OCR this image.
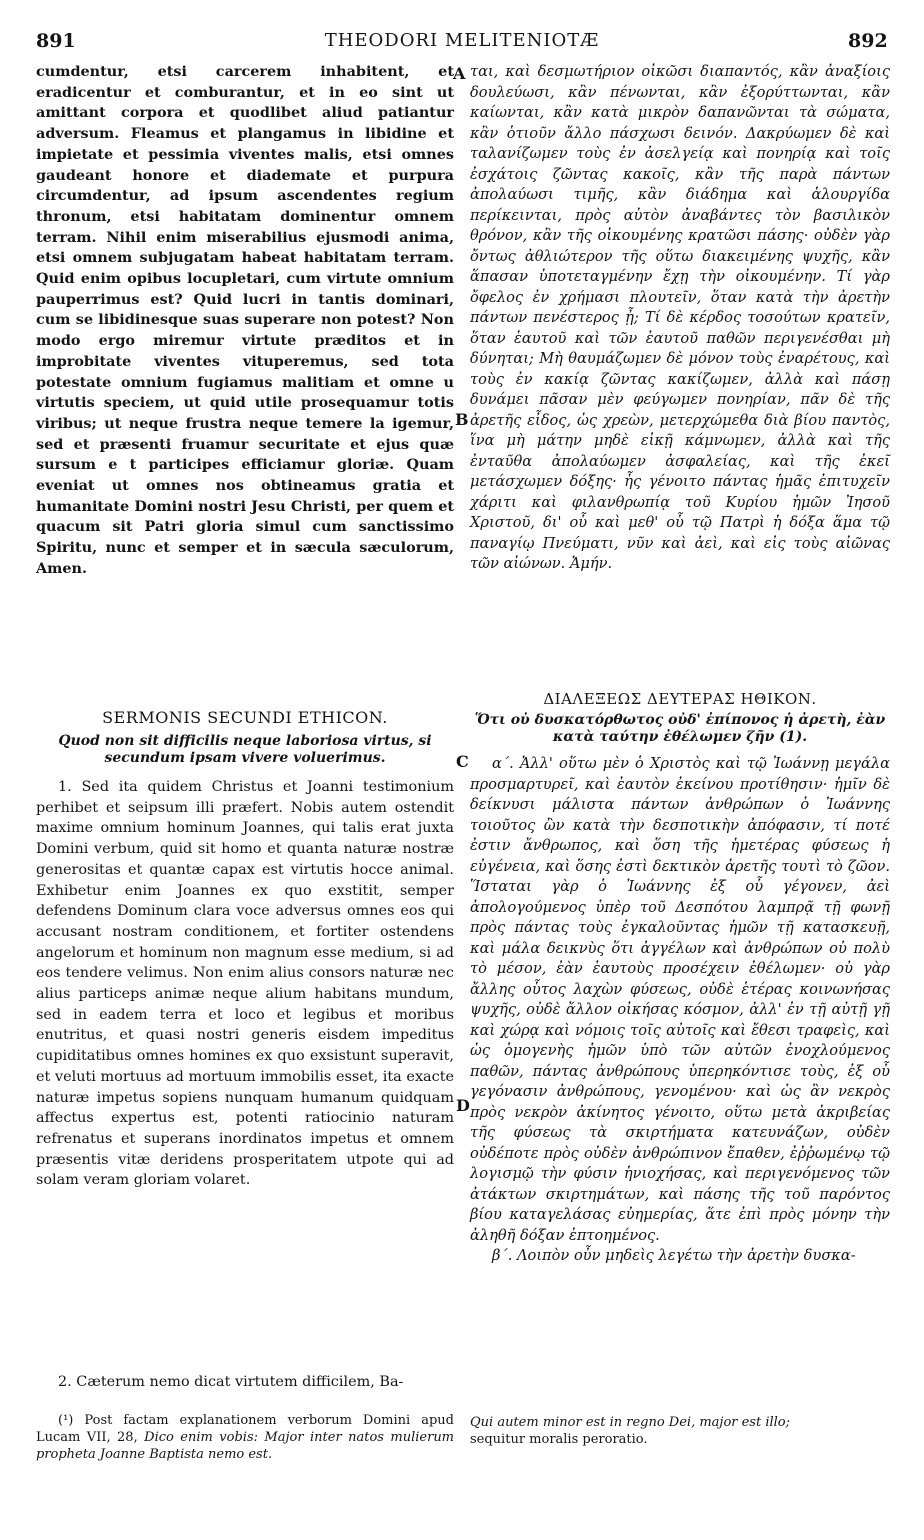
891	THEODORI MELITENIOTÆ	892
A
B
C
D

cumdentur, etsi carcerem inhabitent, et eradicentur et comburantur, et in eo sint ut amittant corpora et quodlibet aliud patiantur adversum. Fleamus et plangamus in libidine et impietate et pessimia viventes malis, etsi omnes gaudeant honore et diademate et purpura circumdentur, ad ipsum ascendentes regium thronum, etsi habitatam dominentur omnem terram. Nihil enim miserabilius ejusmodi anima, etsi omnem subjugatam habeat habitatam terram. Quid enim opibus locupletari, cum virtute omnium pauperrimus est? Quid lucri in tantis dominari, cum se libidinesque suas superare non potest? Non modo ergo miremur virtute præditos et in improbitate viventes vituperemus, sed tota potestate omnium fugiamus malitiam et omne u virtutis speciem, ut quid utile prosequamur totis viribus; ut neque frustra neque temere la igemur, sed et præsenti fruamur securitate et ejus quæ sursum e t participes efficiamur gloriæ. Quam eveniat ut omnes nos obtineamus gratia et humanitate Domini nostri Jesu Christi, per quem et quacum sit Patri gloria simul cum sanctissimo Spiritu, nunc et semper et in sæcula sæculorum, Amen.

ται, καὶ δεσμωτήριον οἰκῶσι διαπαντός, κἂν ἀναξίοις δουλεύωσι, κἂν πένωνται, κἂν ἐξορύττωνται, κἂν καίωνται, κἂν κατὰ μικρὸν δαπανῶνται τὰ σώματα, κἂν ὁτιοῦν ἄλλο πάσχωσι δεινόν. Δακρύωμεν δὲ καὶ ταλανίζωμεν τοὺς ἐν ἀσελγείᾳ καὶ πονηρίᾳ καὶ τοῖς ἐσχάτοις ζῶντας κακοῖς, κἂν τῆς παρὰ πάντων ἀπολαύωσι τιμῆς, κἂν διάδημα καὶ ἁλουργίδα περίκεινται, πρὸς αὐτὸν ἀναβάντες τὸν βασιλικὸν θρόνον, κἂν τῆς οἰκουμένης κρατῶσι πάσης· οὐδὲν γὰρ ὄντως ἀθλιώτερον τῆς οὕτω διακειμένης ψυχῆς, κἂν ἅπασαν ὑποτεταγμένην ἔχῃ τὴν οἰκουμένην. Τί γὰρ ὄφελος ἐν χρήμασι πλουτεῖν, ὅταν κατὰ τὴν ἀρετὴν πάντων πενέστερος ᾖ; Τί δὲ κέρδος τοσούτων κρατεῖν, ὅταν ἑαυτοῦ καὶ τῶν ἑαυτοῦ παθῶν περιγενέσθαι μὴ δύνηται; Μὴ θαυμάζωμεν δὲ μόνον τοὺς ἐναρέτους, καὶ τοὺς ἐν κακίᾳ ζῶντας κακίζωμεν, ἀλλὰ καὶ πάσῃ δυνάμει πᾶσαν μὲν φεύγωμεν πονηρίαν, πᾶν δὲ τῆς ἀρετῆς εἶδος, ὡς χρεὼν, μετερχώμεθα διὰ βίου παντὸς, ἵνα μὴ μάτην μηδὲ εἰκῇ κάμνωμεν, ἀλλὰ καὶ τῆς ἐνταῦθα ἀπολαύωμεν ἀσφαλείας, καὶ τῆς ἐκεῖ μετάσχωμεν δόξης· ἧς γένοιτο πάντας ἡμᾶς ἐπιτυχεῖν χάριτι καὶ φιλανθρωπίᾳ τοῦ Κυρίου ἡμῶν Ἰησοῦ Χριστοῦ, δι' οὗ καὶ μεθ' οὗ τῷ Πατρὶ ἡ δόξα ἅμα τῷ παναγίῳ Πνεύματι, νῦν καὶ ἀεὶ, καὶ εἰς τοὺς αἰῶνας τῶν αἰώνων. Ἀμήν.

SERMONIS SECUNDI ETHICON.

Quod non sit difficilis neque laboriosa virtus, si secundum ipsam vivere voluerimus.

1. Sed ita quidem Christus et Joanni testimonium perhibet et seipsum illi præfert. Nobis autem ostendit maxime omnium hominum Joannes, qui talis erat juxta Domini verbum, quid sit homo et quanta naturæ nostræ generositas et quantæ capax est virtutis hocce animal. Exhibetur enim Joannes ex quo exstitit, semper defendens Dominum clara voce adversus omnes eos qui accusant nostram conditionem, et fortiter ostendens angelorum et hominum non magnum esse medium, si ad eos tendere velimus. Non enim alius consors naturæ nec alius particeps animæ neque alium habitans mundum, sed in eadem terra et loco et legibus et moribus enutritus, et quasi nostri generis eisdem impeditus cupiditatibus omnes homines ex quo exsistunt superavit, et veluti mortuus ad mortuum immobilis esset, ita exacte naturæ impetus sopiens nunquam humanum quidquam affectus expertus est, potenti ratiocinio naturam refrenatus et superans inordinatos impetus et omnem præsentis vitæ deridens prosperitatem utpote qui ad solam veram gloriam volaret.

2. Cæterum nemo dicat virtutem difficilem, Ba-

(¹) Post factam explanationem verborum Domini apud Lucam VII, 28, Dico enim vobis: Major inter natos mulierum propheta Joanne Baptista nemo est.

ΔΙΑΛΕΞΕΩΣ ΔΕΥΤΕΡΑΣ ΗΘΙΚΟΝ.

Ὅτι οὐ δυσκατόρθωτος οὐδ' ἐπίπονος ἡ ἀρετὴ, ἐὰν κατὰ ταύτην ἐθέλωμεν ζῆν (1).

α΄. Ἀλλ' οὕτω μὲν ὁ Χριστὸς καὶ τῷ Ἰωάννῃ μεγάλα προσμαρτυρεῖ, καὶ ἑαυτὸν ἐκείνου προτίθησιν· ἡμῖν δὲ δείκνυσι μάλιστα πάντων ἀνθρώπων ὁ Ἰωάννης τοιοῦτος ὢν κατὰ τὴν δεσποτικὴν ἀπόφασιν, τί ποτέ ἐστιν ἄνθρωπος, καὶ ὅση τῆς ἡμετέρας φύσεως ἡ εὐγένεια, καὶ ὅσης ἐστὶ δεκτικὸν ἀρετῆς τουτὶ τὸ ζῶον. Ἵσταται γὰρ ὁ Ἰωάννης ἐξ οὗ γέγονεν, ἀεὶ ἀπολογούμενος ὑπὲρ τοῦ Δεσπότου λαμπρᾷ τῇ φωνῇ πρὸς πάντας τοὺς ἐγκαλοῦντας ἡμῶν τῇ κατασκευῇ, καὶ μάλα δεικνὺς ὅτι ἀγγέλων καὶ ἀνθρώπων οὐ πολὺ τὸ μέσον, ἐὰν ἑαυτοὺς προσέχειν ἐθέλωμεν· οὐ γὰρ ἄλλης οὗτος λαχὼν φύσεως, οὐδὲ ἑτέρας κοινωνήσας ψυχῆς, οὐδὲ ἄλλον οἰκήσας κόσμον, ἀλλ' ἐν τῇ αὐτῇ γῇ καὶ χώρᾳ καὶ νόμοις τοῖς αὐτοῖς καὶ ἔθεσι τραφεὶς, καὶ ὡς ὁμογενὴς ἡμῶν ὑπὸ τῶν αὐτῶν ἐνοχλούμενος παθῶν, πάντας ἀνθρώπους ὑπερηκόντισε τοὺς, ἐξ οὗ γεγόνασιν ἀνθρώπους, γενομένου· καὶ ὡς ἂν νεκρὸς πρὸς νεκρὸν ἀκίνητος γένοιτο, οὕτω μετὰ ἀκριβείας τῆς φύσεως τὰ σκιρτήματα κατευνάζων, οὐδὲν οὐδέποτε πρὸς οὐδὲν ἀνθρώπινον ἔπαθεν, ἐῤῥωμένῳ τῷ λογισμῷ τὴν φύσιν ἡνιοχήσας, καὶ περιγενόμενος τῶν ἀτάκτων σκιρτημάτων, καὶ πάσης τῆς τοῦ παρόντος βίου καταγελάσας εὐημερίας, ἅτε ἐπὶ πρὸς μόνην τὴν ἀληθῆ δόξαν ἐπτοημένος.

β΄. Λοιπὸν οὖν μηδεὶς λεγέτω τὴν ἀρετὴν δυσκα-

Qui autem minor est in regno Dei, major est illo;

sequitur moralis peroratio.
